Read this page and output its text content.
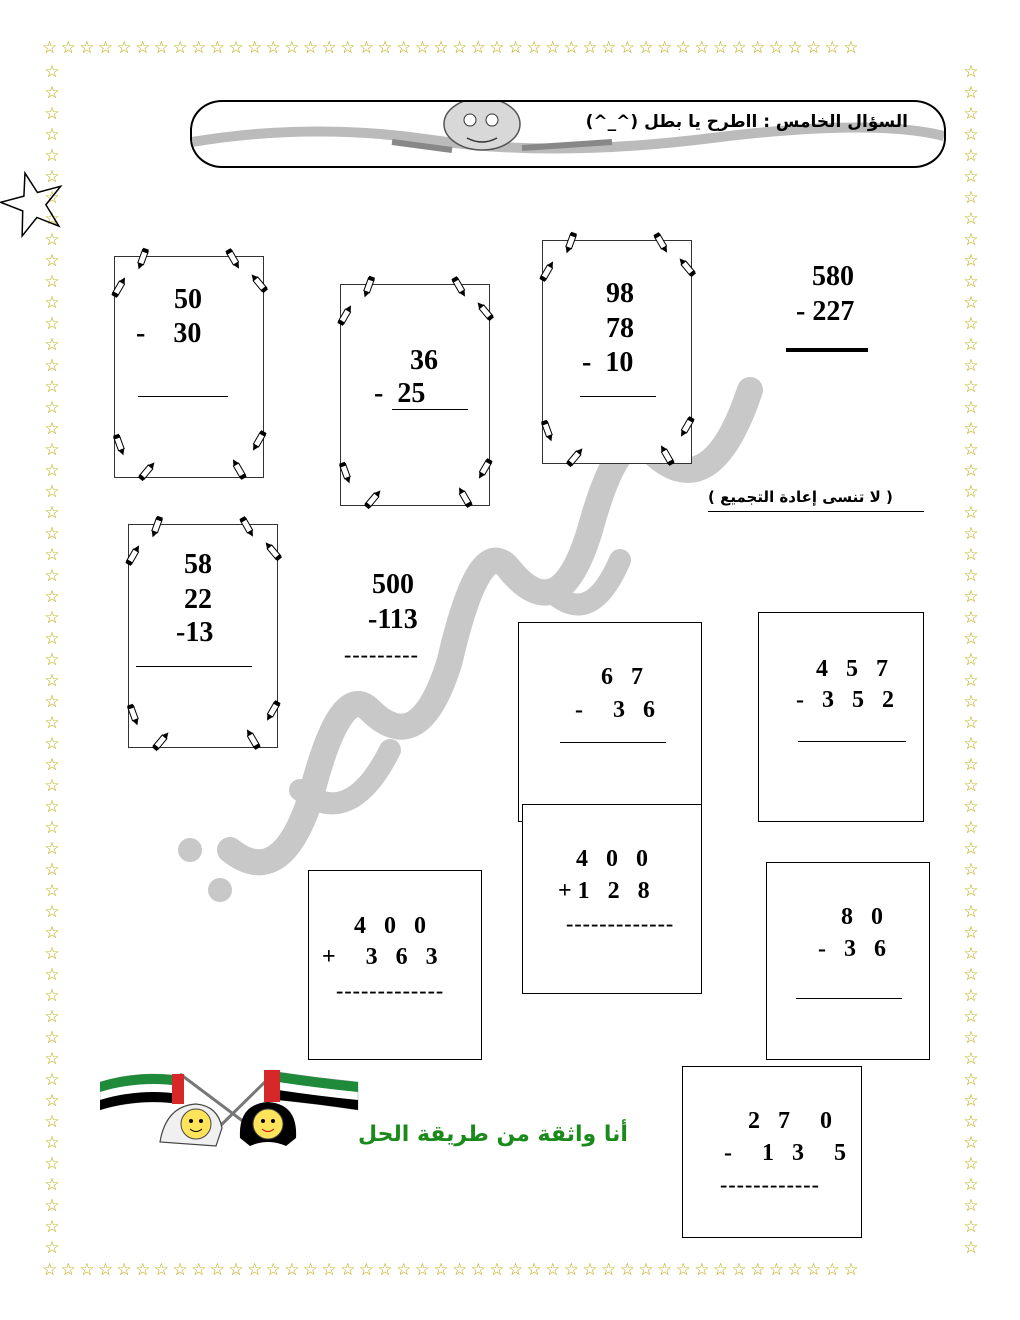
☆ ☆ ☆ ☆ ☆ ☆ ☆ ☆ ☆ ☆ ☆ ☆ ☆ ☆ ☆ ☆ ☆ ☆ ☆ ☆ ☆ ☆ ☆ ☆ ☆ ☆ ☆ ☆ ☆ ☆ ☆ ☆ ☆ ☆ ☆ ☆ ☆ ☆ ☆ ☆ ☆ ☆ ☆ ☆ 
☆ ☆ ☆ ☆ ☆ ☆ ☆ ☆ ☆ ☆ ☆ ☆ ☆ ☆ ☆ ☆ ☆ ☆ ☆ ☆ ☆ ☆ ☆ ☆ ☆ ☆ ☆ ☆ ☆ ☆ ☆ ☆ ☆ ☆ ☆ ☆ ☆ ☆ ☆ ☆ ☆ ☆ ☆ ☆ 
☆
☆
☆
☆
☆
☆
☆
☆
☆
☆
☆
☆
☆
☆
☆
☆
☆
☆
☆
☆
☆
☆
☆
☆
☆
☆
☆
☆
☆
☆
☆
☆
☆
☆
☆
☆
☆
☆
☆
☆
☆
☆
☆
☆
☆
☆
☆
☆
☆
☆
☆
☆
☆
☆
☆
☆
☆
☆
☆
☆
☆
☆
☆
☆
☆
☆
☆
☆
☆
☆
☆
☆
☆
☆
☆
☆
☆
☆
☆
☆
☆
☆
☆
☆
☆
☆
☆
☆
☆
☆
☆
☆
☆
☆
☆
☆
☆
☆
☆
☆
☆
☆
☆
☆
☆
☆
☆
☆
☆
☆
☆
☆
☆
☆
السؤال الخامس : ااطرح يا بطل (^_^)
50
-    30
36
-  25
98
78
-  10
580
- 227
( لا تنسى إعادة التجميع )
58
22
-13
500
-113
---------
6 7
-  3 6
4 5 7
- 3 5 2
4 0 0
+1 2 8
-------------
4 0 0
+  3 6 3
-------------
8 0
- 3 6
2 7  0
-  1 3  5
------------
أنا واثقة من طريقة الحل
